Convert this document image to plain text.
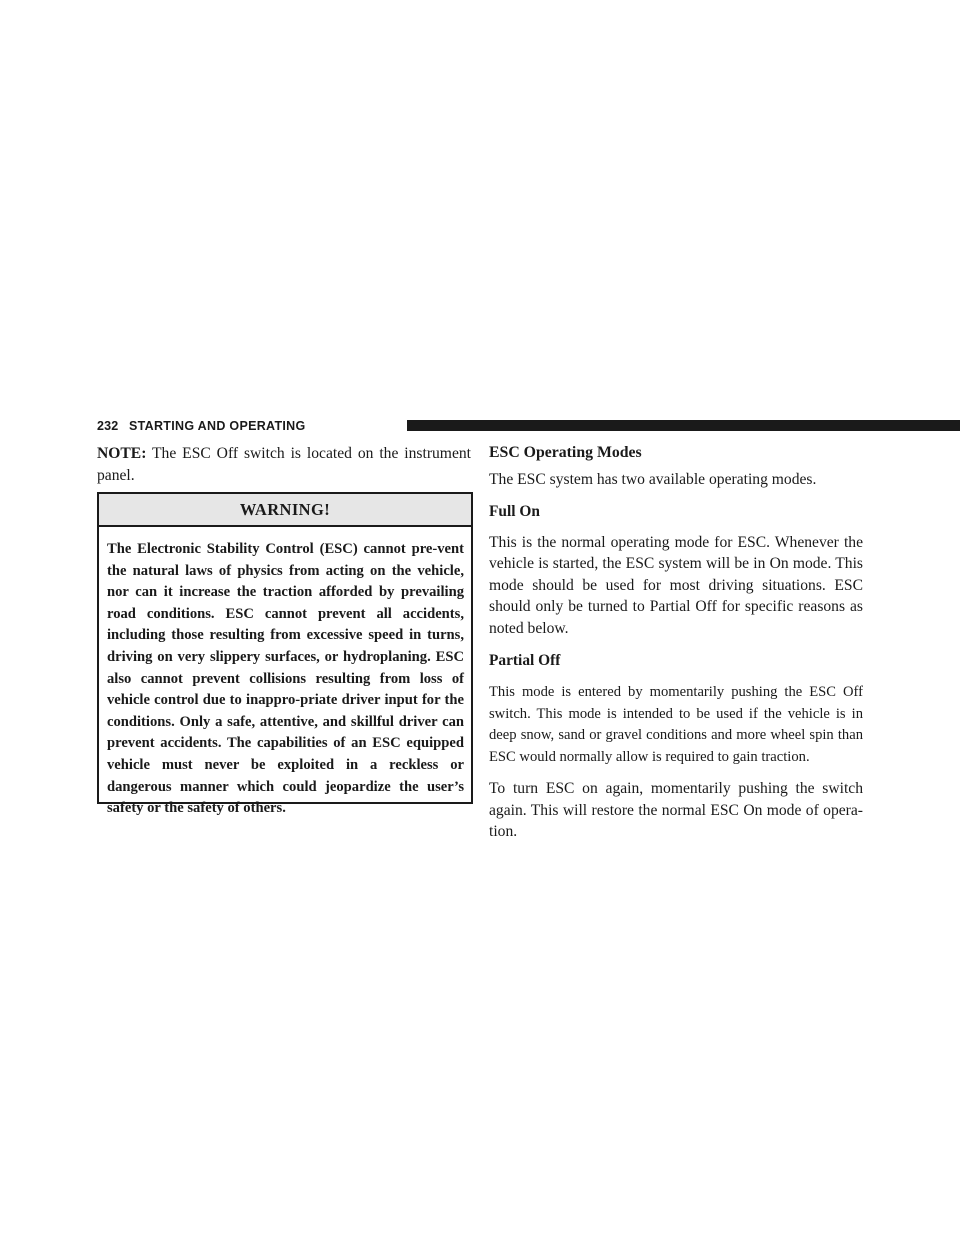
232 STARTING AND OPERATING

NOTE: The ESC Off switch is located on the instrument panel.

WARNING!
The Electronic Stability Control (ESC) cannot pre-vent the natural laws of physics from acting on the vehicle, nor can it increase the traction afforded by prevailing road conditions. ESC cannot prevent all accidents, including those resulting from excessive speed in turns, driving on very slippery surfaces, or hydroplaning. ESC also cannot prevent collisions resulting from loss of vehicle control due to inappro-priate driver input for the conditions. Only a safe, attentive, and skillful driver can prevent accidents. The capabilities of an ESC equipped vehicle must never be exploited in a reckless or dangerous manner which could jeopardize the user’s safety or the safety of others.
ESC Operating Modes

The ESC system has two available operating modes.

Full On

This is the normal operating mode for ESC. Whenever the vehicle is started, the ESC system will be in On mode. This mode should be used for most driving situations. ESC should only be turned to Partial Off for specific reasons as noted below.

Partial Off

This mode is entered by momentarily pushing the ESC Off switch. This mode is intended to be used if the vehicle is in deep snow, sand or gravel conditions and more wheel spin than ESC would normally allow is required to gain traction.

To turn ESC on again, momentarily pushing the switch again. This will restore the normal ESC On mode of opera-tion.
